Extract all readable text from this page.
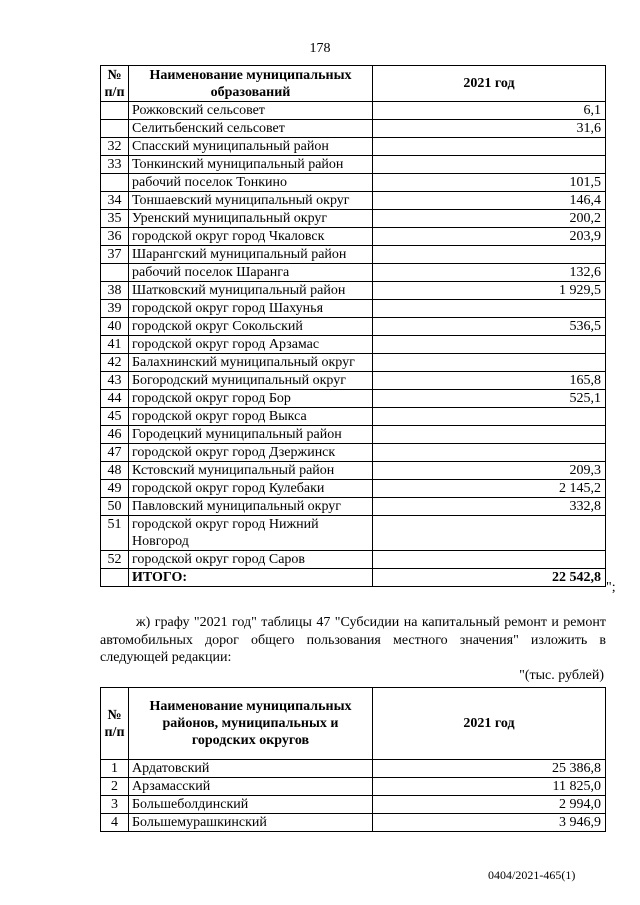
178
№ п/п	Наименование муниципальных образований	2021 год
	Рожковский сельсовет	6,1
	Селитьбенский сельсовет	31,6
32	Спасский муниципальный район	
33	Тонкинский муниципальный район	
	рабочий поселок Тонкино	101,5
34	Тоншаевский муниципальный округ	146,4
35	Уренский муниципальный округ	200,2
36	городской округ город Чкаловск	203,9
37	Шарангский муниципальный район	
	рабочий поселок Шаранга	132,6
38	Шатковский муниципальный район	1 929,5
39	городской округ город Шахунья	
40	городской округ Сокольский	536,5
41	городской округ город Арзамас	
42	Балахнинский муниципальный округ	
43	Богородский муниципальный округ	165,8
44	городской округ город Бор	525,1
45	городской округ город Выкса	
46	Городецкий муниципальный район	
47	городской округ город Дзержинск	
48	Кстовский муниципальный район	209,3
49	городской округ город Кулебаки	2 145,2
50	Павловский муниципальный округ	332,8
51	городской округ город Нижний Новгород	
52	городской округ город Саров	
	ИТОГО:	22 542,8
";
ж) графу "2021 год" таблицы 47 "Субсидии на капитальный ремонт и ремонт автомобильных дорог общего пользования местного значения" изложить в следующей редакции:
"(тыс. рублей)
№ п/п	Наименование муниципальных районов, муниципальных и городских округов	2021 год
1	Ардатовский	25 386,8
2	Арзамасский	11 825,0
3	Большеболдинский	2 994,0
4	Большемурашкинский	3 946,9
0404/2021-465(1)
